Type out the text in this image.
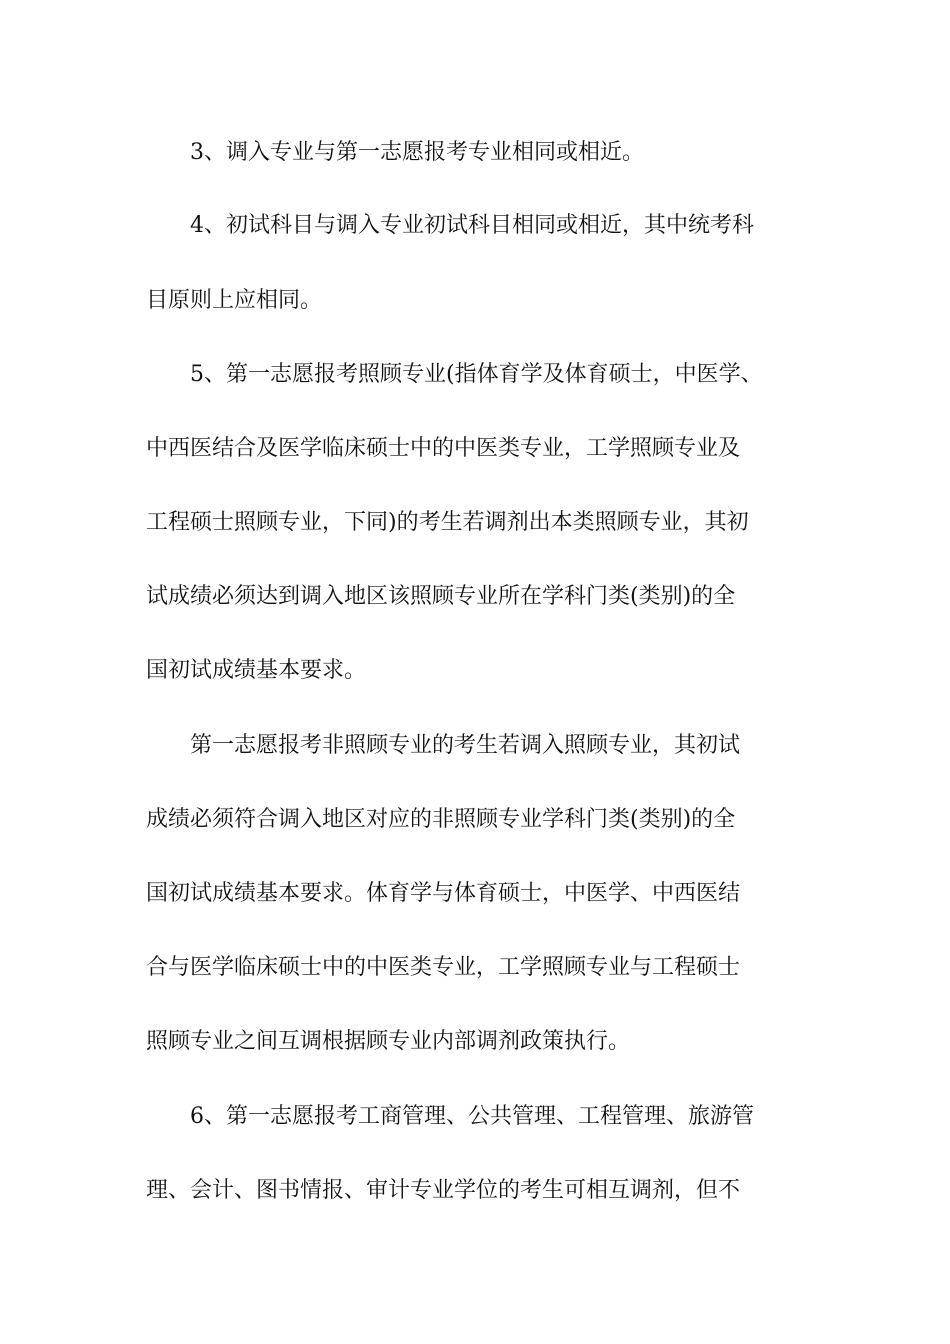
3、调入专业与第一志愿报考专业相同或相近。
4、初试科目与调入专业初试科目相同或相近，其中统考科
目原则上应相同。
5、第一志愿报考照顾专业(指体育学及体育硕士，中医学、
中西医结合及医学临床硕士中的中医类专业，工学照顾专业及
工程硕士照顾专业，下同)的考生若调剂出本类照顾专业，其初
试成绩必须达到调入地区该照顾专业所在学科门类(类别)的全
国初试成绩基本要求。
第一志愿报考非照顾专业的考生若调入照顾专业，其初试
成绩必须符合调入地区对应的非照顾专业学科门类(类别)的全
国初试成绩基本要求。体育学与体育硕士，中医学、中西医结
合与医学临床硕士中的中医类专业，工学照顾专业与工程硕士
照顾专业之间互调根据顾专业内部调剂政策执行。
6、第一志愿报考工商管理、公共管理、工程管理、旅游管
理、会计、图书情报、审计专业学位的考生可相互调剂，但不
